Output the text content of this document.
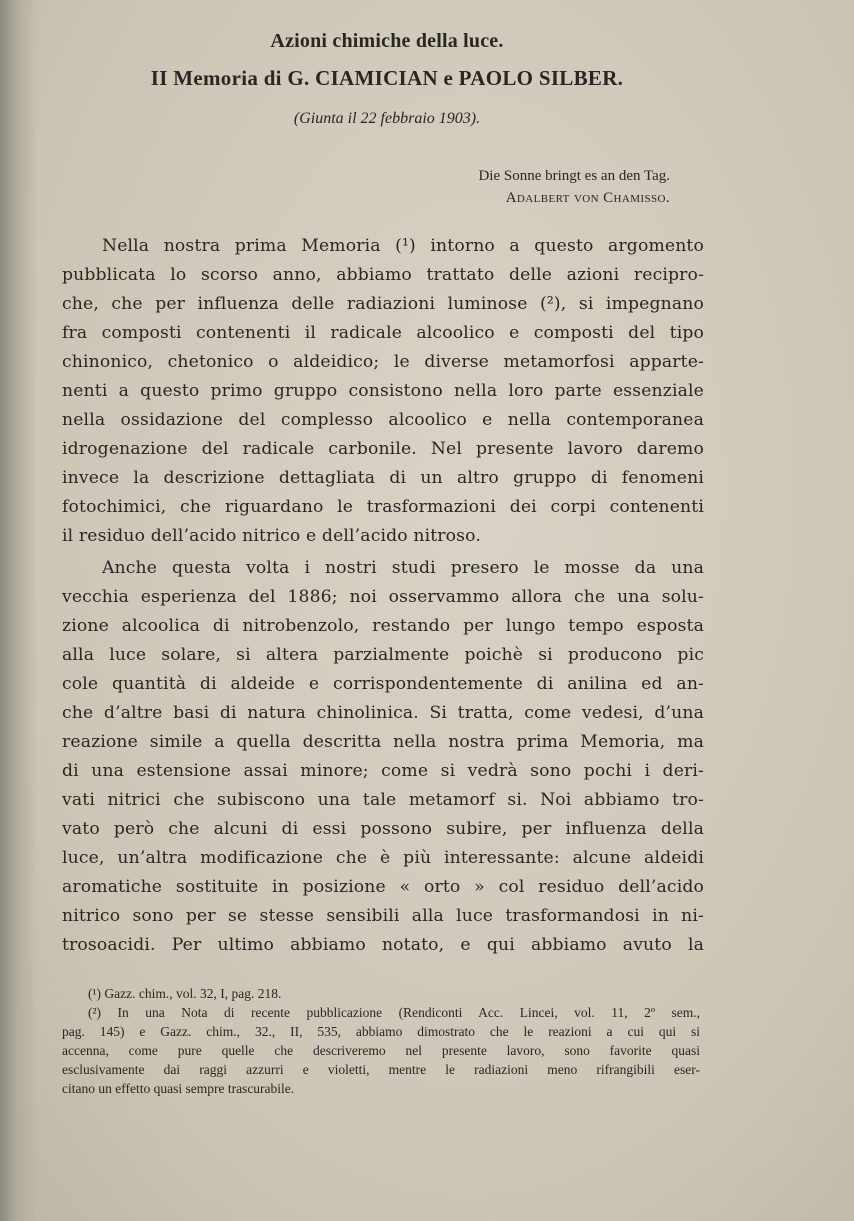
Azioni chimiche della luce.
II Memoria di G. CIAMICIAN e PAOLO SILBER.
(Giunta il 22 febbraio 1903).
Die Sonne bringt es an den Tag.
Adalbert von Chamisso.
Nella nostra prima Memoria (¹) intorno a questo argomento
pubblicata lo scorso anno, abbiamo trattato delle azioni recipro-
che, che per influenza delle radiazioni luminose (²), si impegnano
fra composti contenenti il radicale alcoolico e composti del tipo
chinonico, chetonico o aldeidico; le diverse metamorfosi apparte-
nenti a questo primo gruppo consistono nella loro parte essenziale
nella ossidazione del complesso alcoolico e nella contemporanea
idrogenazione del radicale carbonile. Nel presente lavoro daremo
invece la descrizione dettagliata di un altro gruppo di fenomeni
fotochimici, che riguardano le trasformazioni dei corpi contenenti
il residuo dell’acido nitrico e dell’acido nitroso.
Anche questa volta i nostri studi presero le mosse da una
vecchia esperienza del 1886; noi osservammo allora che una solu-
zione alcoolica di nitrobenzolo, restando per lungo tempo esposta
alla luce solare, si altera parzialmente poichè si producono pic
cole quantità di aldeide e corrispondentemente di anilina ed an-
che d’altre basi di natura chinolinica. Si tratta, come vedesi, d’una
reazione simile a quella descritta nella nostra prima Memoria, ma
di una estensione assai minore; come si vedrà sono pochi i deri-
vati nitrici che subiscono una tale metamorf si. Noi abbiamo tro-
vato però che alcuni di essi possono subire, per influenza della
luce, un’altra modificazione che è più interessante: alcune aldeidi
aromatiche sostituite in posizione « orto » col residuo dell’acido
nitrico sono per se stesse sensibili alla luce trasformandosi in ni-
trosoacidi. Per ultimo abbiamo notato, e qui abbiamo avuto la
(¹) Gazz. chim., vol. 32, I, pag. 218.
(²) In una Nota di recente pubblicazione (Rendiconti Acc. Lincei, vol. 11, 2º sem.,
pag. 145) e Gazz. chim., 32., II, 535, abbiamo dimostrato che le reazioni a cui qui si
accenna, come pure quelle che descriveremo nel presente lavoro, sono favorite quasi
esclusivamente dai raggi azzurri e violetti, mentre le radiazioni meno rifrangibili eser-
citano un effetto quasi sempre trascurabile.
